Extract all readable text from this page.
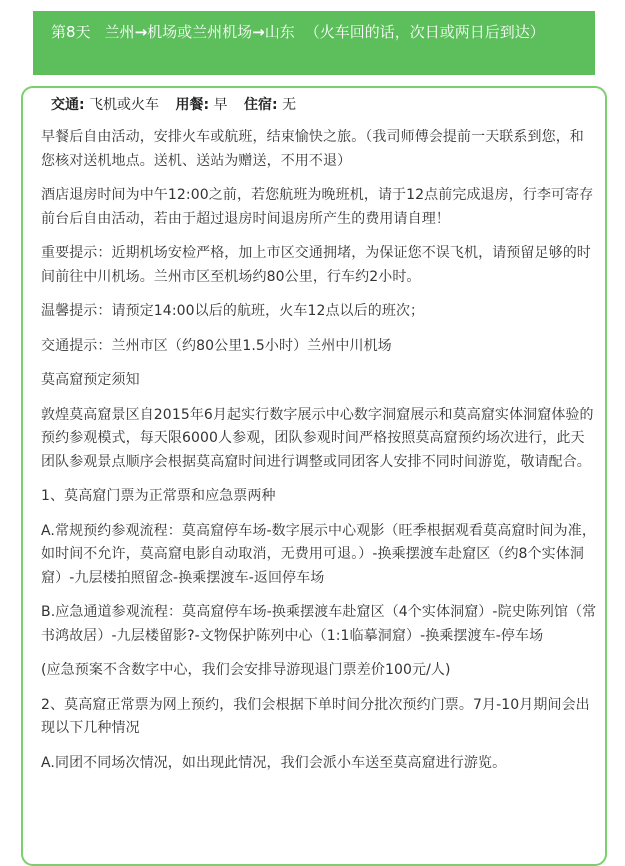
第8天 兰州→机场或兰州机场→山东 （火车回的话，次日或两日后到达）
交通: 飞机或火车 用餐: 早 住宿: 无

早餐后自由活动，安排火车或航班，结束愉快之旅。（我司师傅会提前一天联系到您，和您核对送机地点。送机、送站为赠送，不用不退）

酒店退房时间为中午12:00之前，若您航班为晚班机，请于12点前完成退房，行李可寄存前台后自由活动，若由于超过退房时间退房所产生的费用请自理！

重要提示：近期机场安检严格，加上市区交通拥堵，为保证您不误飞机，请预留足够的时间前往中川机场。兰州市区至机场约80公里，行车约2小时。

温馨提示：请预定14:00以后的航班，火车12点以后的班次；

交通提示：兰州市区（约80公里1.5小时）兰州中川机场

莫高窟预定须知

敦煌莫高窟景区自2015年6月起实行数字展示中心数字洞窟展示和莫高窟实体洞窟体验的预约参观模式，每天限6000人参观，团队参观时间严格按照莫高窟预约场次进行，此天团队参观景点顺序会根据莫高窟时间进行调整或同团客人安排不同时间游览，敬请配合。

1、莫高窟门票为正常票和应急票两种

A.常规预约参观流程：莫高窟停车场-数字展示中心观影（旺季根据观看莫高窟时间为准，如时间不允许，莫高窟电影自动取消，无费用可退。）-换乘摆渡车赴窟区（约8个实体洞窟）-九层楼拍照留念-换乘摆渡车-返回停车场

B.应急通道参观流程：莫高窟停车场-换乘摆渡车赴窟区（4个实体洞窟）-院史陈列馆（常书鸿故居）-九层楼留影?-文物保护陈列中心（1:1临摹洞窟）-换乘摆渡车-停车场

(应急预案不含数字中心，我们会安排导游现退门票差价100元/人)

2、莫高窟正常票为网上预约，我们会根据下单时间分批次预约门票。7月-10月期间会出现以下几种情况

A.同团不同场次情况，如出现此情况，我们会派小车送至莫高窟进行游览。
